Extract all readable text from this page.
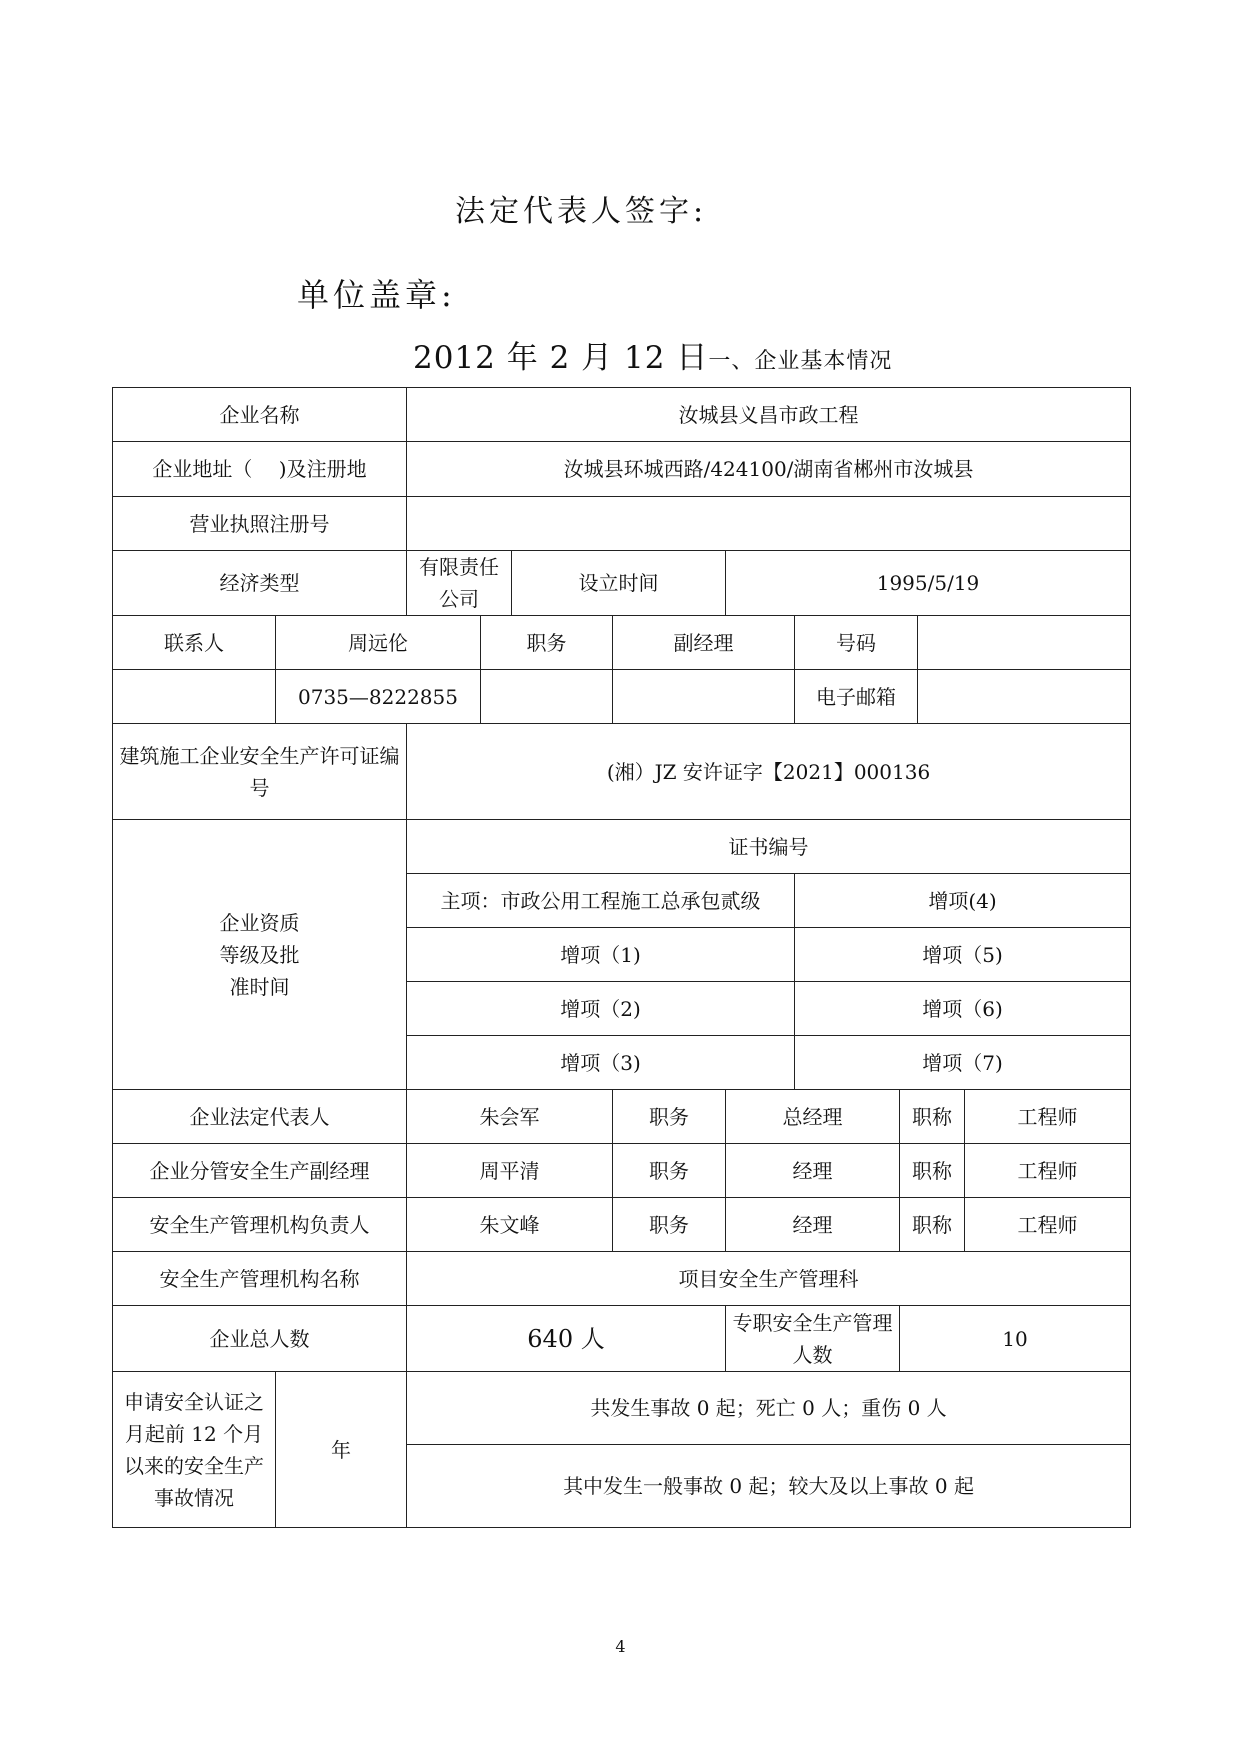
法定代表人签字:
单位盖章:
2012 年 2 月 12 日一、企业基本情况
企业名称		汝城县义昌市政工程								
企业地址（　 )及注册地		汝城县环城西路/424100/湖南省郴州市汝城县								
营业执照注册号										
经济类型		有限责任公司		设立时间		1995/5/19				
联系人	周远伦		职务		副经理		号码			
	0735—8222855						电子邮箱			
建筑施工企业安全生产许可证编号		(湘）JZ 安许证字【2021】000136								

企业资质
等级及批
准时间		证书编号								
		主项：市政公用工程施工总承包贰级					增项(4)			
		增项（1)					增项（5)			
		增项（2)					增项（6)			
		增项（3)					增项（7)			
企业法定代表人		朱会军			职务	总经理		职称		工程师
企业分管安全生产副经理		周平清			职务	经理		职称		工程师
安全生产管理机构负责人		朱文峰			职务	经理		职称		工程师
安全生产管理机构名称		项目安全生产管理科								
企业总人数		640 人				专职安全生产管理人数		10		
申请安全认证之月起前 12 个月以来的安全生产事故情况	年	共发生事故 0 起；死亡 0 人；重伤 0 人								
		其中发生一般事故 0 起；较大及以上事故 0 起								
4
